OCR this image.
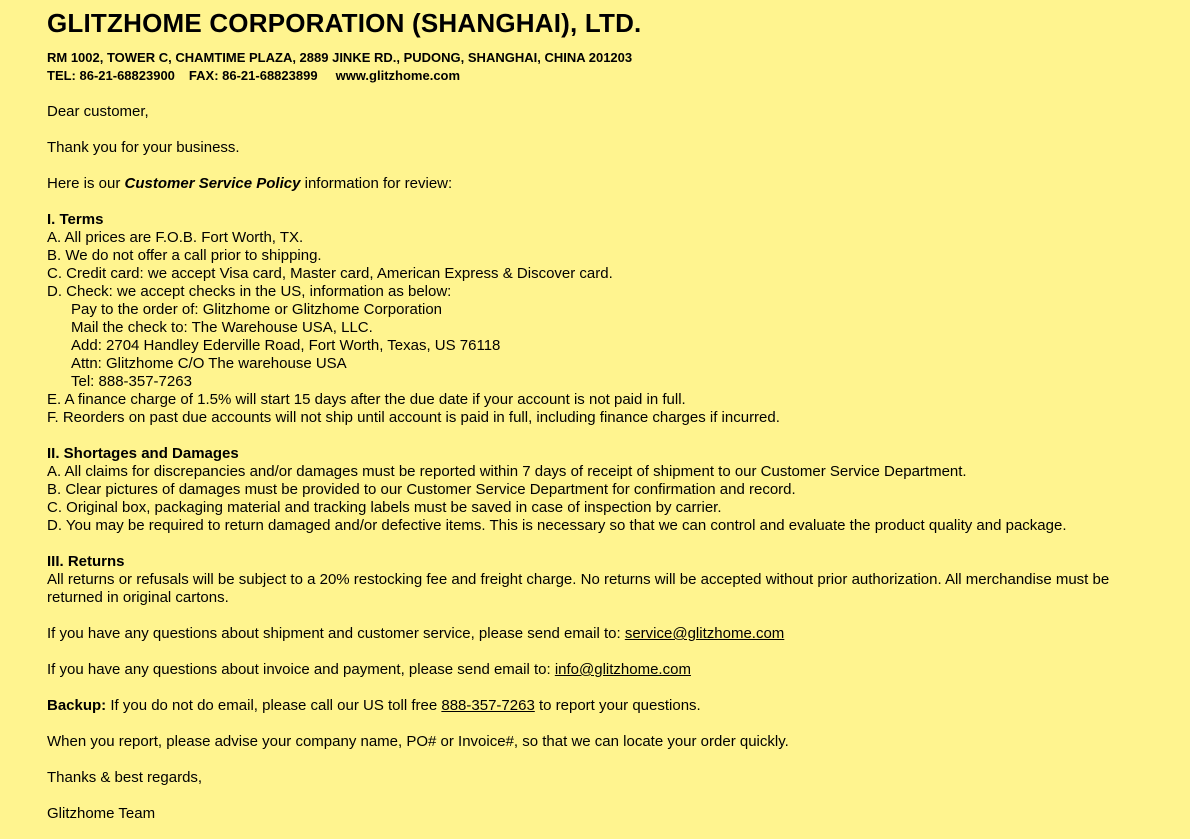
GLITZHOME CORPORATION (SHANGHAI), LTD.
RM 1002, TOWER C, CHAMTIME PLAZA, 2889 JINKE RD., PUDONG, SHANGHAI, CHINA 201203
TEL: 86-21-68823900 FAX: 86-21-68823899 www.glitzhome.com
Dear customer,
Thank you for your business.
Here is our Customer Service Policy information for review:
I. Terms
A. All prices are F.O.B. Fort Worth, TX.
B. We do not offer a call prior to shipping.
C. Credit card: we accept Visa card, Master card, American Express & Discover card.
D. Check: we accept checks in the US, information as below:
Pay to the order of: Glitzhome or Glitzhome Corporation
Mail the check to: The Warehouse USA, LLC.
Add: 2704 Handley Ederville Road, Fort Worth, Texas, US 76118
Attn: Glitzhome C/O The warehouse USA
Tel: 888-357-7263
E. A finance charge of 1.5% will start 15 days after the due date if your account is not paid in full.
F. Reorders on past due accounts will not ship until account is paid in full, including finance charges if incurred.
II. Shortages and Damages
A. All claims for discrepancies and/or damages must be reported within 7 days of receipt of shipment to our Customer Service Department.
B. Clear pictures of damages must be provided to our Customer Service Department for confirmation and record.
C. Original box, packaging material and tracking labels must be saved in case of inspection by carrier.
D. You may be required to return damaged and/or defective items. This is necessary so that we can control and evaluate the product quality and package.
III. Returns
All returns or refusals will be subject to a 20% restocking fee and freight charge. No returns will be accepted without prior authorization. All merchandise must be returned in original cartons.
If you have any questions about shipment and customer service, please send email to: service@glitzhome.com
If you have any questions about invoice and payment, please send email to: info@glitzhome.com
Backup: If you do not do email, please call our US toll free 888-357-7263 to report your questions.
When you report, please advise your company name, PO# or Invoice#, so that we can locate your order quickly.
Thanks & best regards,
Glitzhome Team
